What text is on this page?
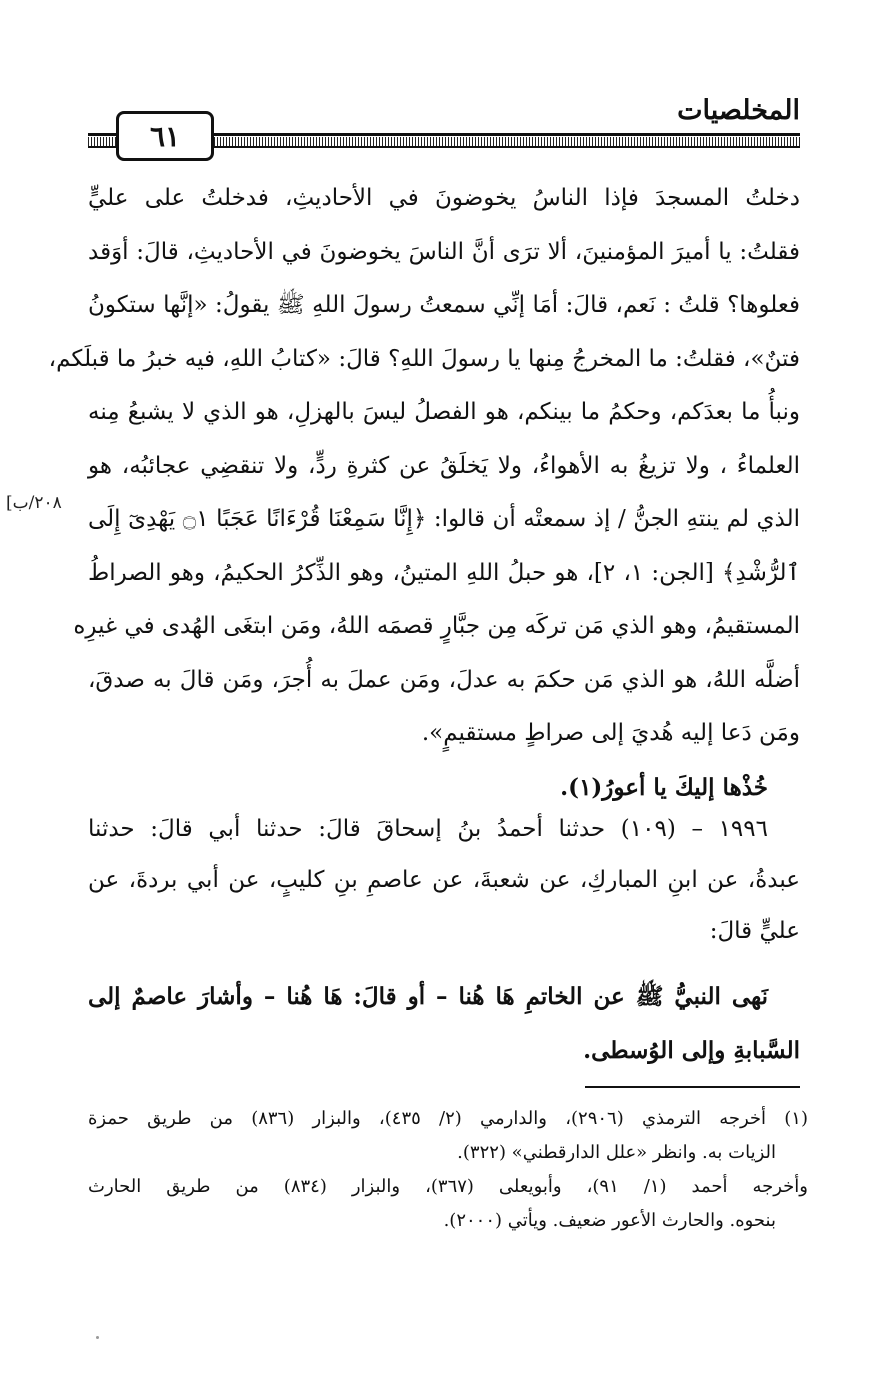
٦١
المخلصيات
[٢٠٨/ب
دخلتُ المسجدَ فإذا الناسُ يخوضونَ في الأحاديثِ، فدخلتُ على عليٍّ
فقلتُ: يا أميرَ المؤمنينَ، ألا ترَى أنَّ الناسَ يخوضونَ في الأحاديثِ، قالَ: أوَقد
فعلوها؟ قلتُ : نَعم، قالَ: أمَا إنِّي سمعتُ رسولَ اللهِ ﷺ يقولُ: «إنَّها ستكونُ
فتنٌ»، فقلتُ: ما المخرجُ مِنها يا رسولَ اللهِ؟ قالَ: «كتابُ اللهِ، فيه خبرُ ما قبلَكم،
ونبأُ ما بعدَكم، وحكمُ ما بينكم، هو الفصلُ ليسَ بالهزلِ، هو الذي لا يشبعُ مِنه
العلماءُ ، ولا تزيغُ به الأهواءُ، ولا يَخلَقُ عن كثرةِ ردٍّ، ولا تنقضِي عجائبُه، هو
الذي لم ينتهِ الجنُّ / إذ سمعتْه أن قالوا: ﴿إِنَّا سَمِعْنَا قُرْءَانًا عَجَبًا ۝١ يَهْدِىٓ إِلَى
ٱلرُّشْدِ﴾ [الجن: ١، ٢]، هو حبلُ اللهِ المتينُ، وهو الذِّكرُ الحكيمُ، وهو الصراطُ
المستقيمُ، وهو الذي مَن تركَه مِن جبَّارٍ قصمَه اللهُ، ومَن ابتغَى الهُدى في غيرِه
أضلَّه اللهُ، هو الذي مَن حكمَ به عدلَ، ومَن عملَ به أُجرَ، ومَن قالَ به صدقَ،
ومَن دَعا إليه هُديَ إلى صراطٍ مستقيمٍ».
خُذْها إليكَ يا أعورُ(١).
١٩٩٦ – (١٠٩) حدثنا أحمدُ بنُ إسحاقَ قالَ: حدثنا أبي قالَ: حدثنا
عبدةُ، عن ابنِ المباركِ، عن شعبةَ، عن عاصمِ بنِ كليبٍ، عن أبي بردةَ، عن
عليٍّ قالَ:
نَهى النبيُّ ﷺ عن الخاتمِ هَا هُنا – أو قالَ: هَا هُنا – وأشارَ عاصمٌ إلى
السَّبابةِ وإلى الوُسطى.
(١) أخرجه الترمذي (٢٩٠٦)، والدارمي (٢/ ٤٣٥)، والبزار (٨٣٦) من طريق حمزة
الزيات به. وانظر «علل الدارقطني» (٣٢٢).
وأخرجه أحمد (١/ ٩١)، وأبويعلى (٣٦٧)، والبزار (٨٣٤) من طريق الحارث
بنحوه. والحارث الأعور ضعيف. ويأتي (٢٠٠٠).
